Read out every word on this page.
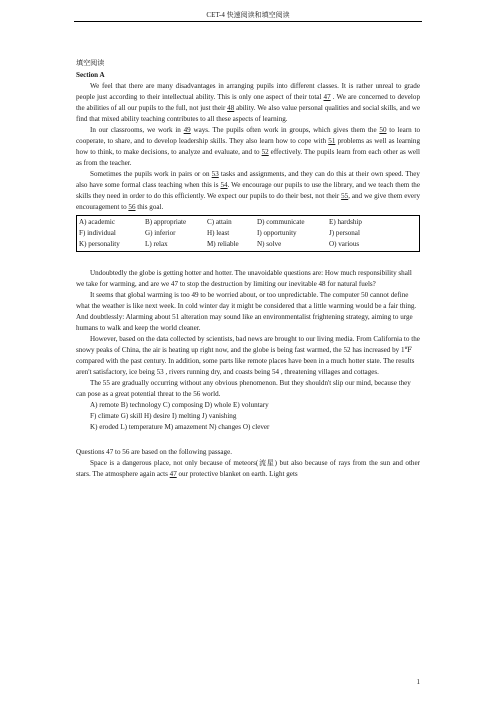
CET-4 快速阅读和填空阅读

填空阅读

Section A

We feel that there are many disadvantages in arranging pupils into different classes. It is rather unreal to grade people just according to their intellectual ability. This is only one aspect of their total 47 . We are concerned to develop the abilities of all our pupils to the full, not just their 48 ability. We also value personal qualities and social skills, and we find that mixed ability teaching contributes to all these aspects of learning.

In our classrooms, we work in 49 ways. The pupils often work in groups, which gives them the 50 to learn to cooperate, to share, and to develop leadership skills. They also learn how to cope with 51 problems as well as learning how to think, to make decisions, to analyze and evaluate, and to 52 effectively. The pupils learn from each other as well as from the teacher.

Sometimes the pupils work in pairs or on 53 tasks and assignments, and they can do this at their own speed. They also have some formal class teaching when this is 54. We encourage our pupils to use the library, and we teach them the skills they need in order to do this efficiently. We expect our pupils to do their best, not their 55, and we give them every encouragement to 56 this goal.

A) academic	B) appropriate	C) attain	D) communicate	E) hardship
F) individual	G) inferior	H) least	I) opportunity	J) personal
K) personality	L) relax	M) reliable	N) solve	O) various

Undoubtedly the globe is getting hotter and hotter. The unavoidable questions are: How much responsibility shall we take for warming, and are we 47 to stop the destruction by limiting our inevitable 48 for natural fuels?

It seems that global warming is too 49 to be worried about, or too unpredictable. The computer 50 cannot define what the weather is like next week. In cold winter day it might be considered that a little warming would be a fair thing. And doubtlessly: Alarming about 51 alteration may sound like an environmentalist frightening strategy, aiming to urge humans to walk and keep the world cleaner.

However, based on the data collected by scientists, bad news are brought to our living media. From California to the snowy peaks of China, the air is heating up right now, and the globe is being fast warmed, the 52 has increased by 1℉ compared with the past century. In addition, some parts like remote places have been in a much hotter state. The results aren't satisfactory, ice being 53 , rivers running dry, and coasts being 54 , threatening villages and cottages.

The 55 are gradually occurring without any obvious phenomenon. But they shouldn't slip our mind, because they can pose as a great potential threat to the 56 world.

A) remote B) technology C) composing D) whole E) voluntary

F) climate G) skill H) desire I) melting J) vanishing

K) eroded L) temperature M) amazement N) changes O) clever

Questions 47 to 56 are based on the following passage.

Space is a dangerous place, not only because of meteors(流星) but also because of rays from the sun and other stars. The atmosphere again acts 47 our protective blanket on earth. Light gets

1
